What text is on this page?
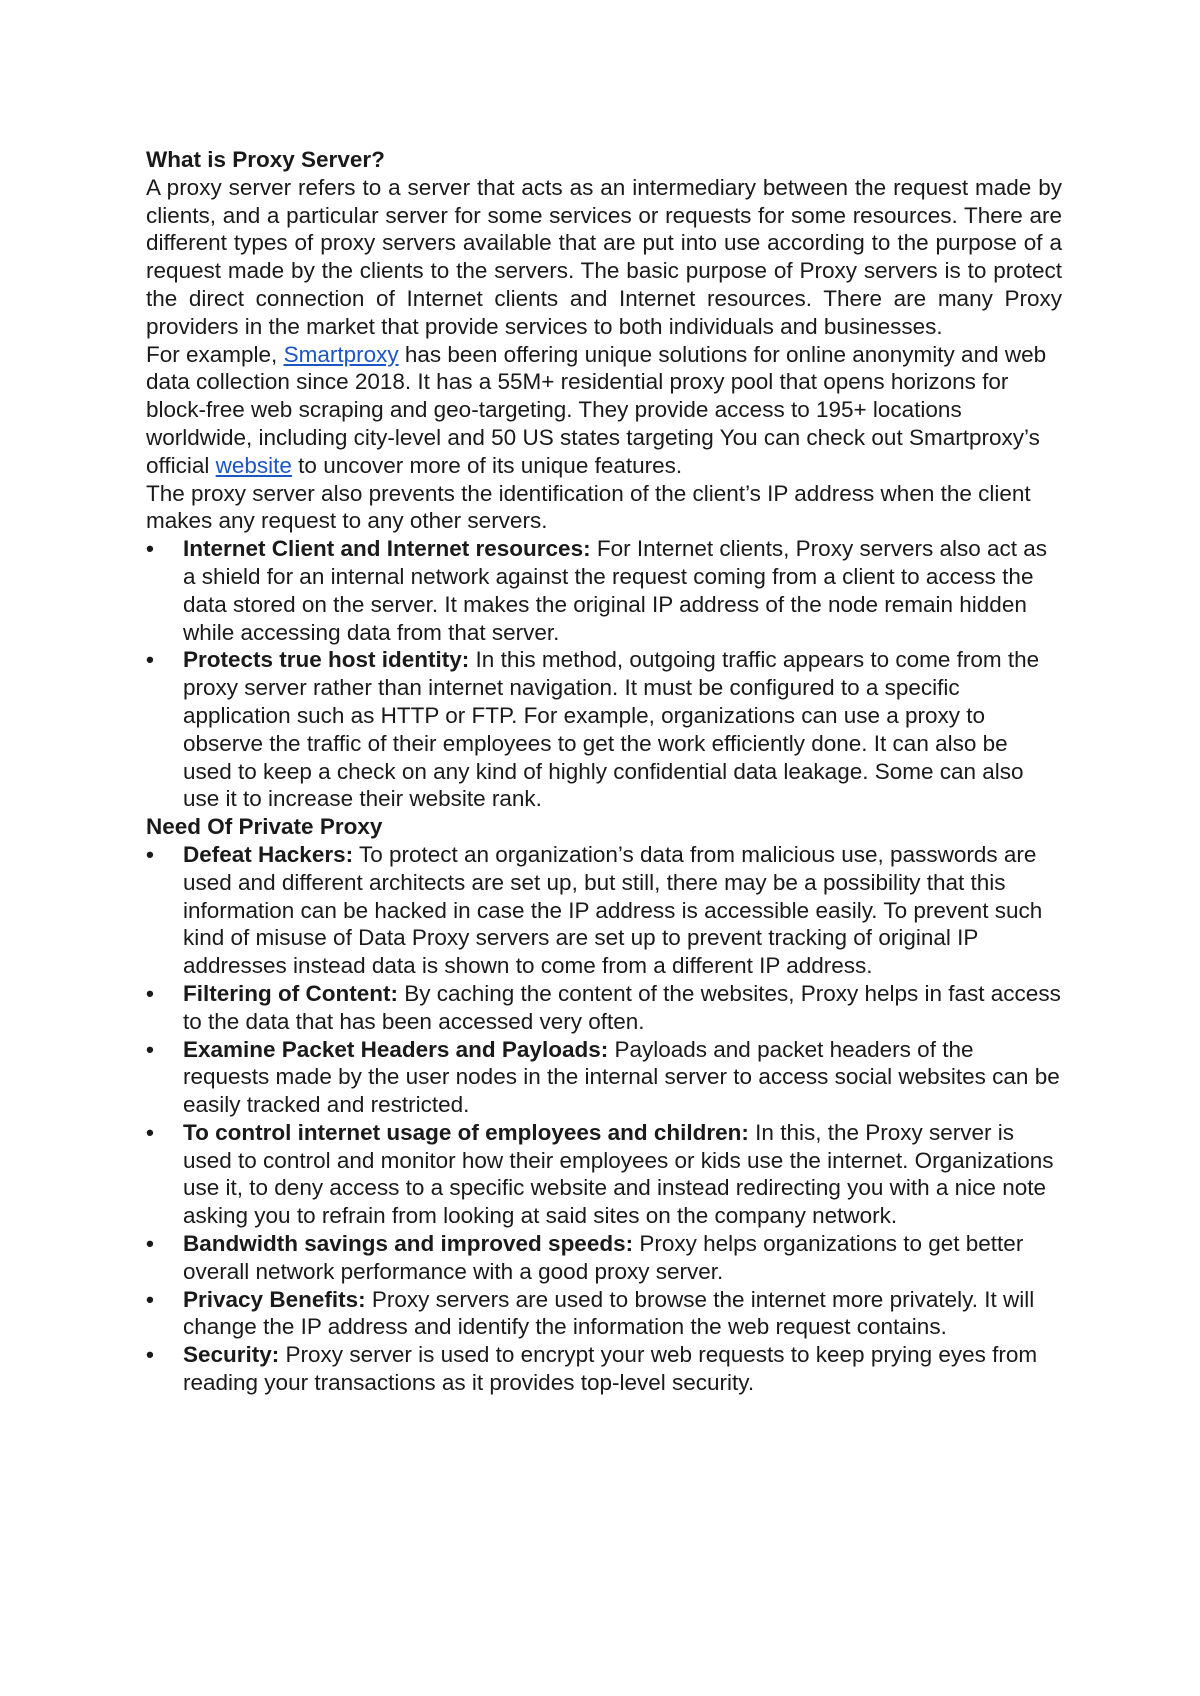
What is Proxy Server?

A proxy server refers to a server that acts as an intermediary between the request made by clients, and a particular server for some services or requests for some resources. There are different types of proxy servers available that are put into use according to the purpose of a request made by the clients to the servers. The basic purpose of Proxy servers is to protect the direct connection of Internet clients and Internet resources. There are many Proxy providers in the market that provide services to both individuals and businesses.

For example, Smartproxy has been offering unique solutions for online anonymity and web data collection since 2018. It has a 55M+ residential proxy pool that opens horizons for block-free web scraping and geo-targeting. They provide access to 195+ locations worldwide, including city-level and 50 US states targeting You can check out Smartproxy’s official website to uncover more of its unique features.

The proxy server also prevents the identification of the client’s IP address when the client makes any request to any other servers.

•	Internet Client and Internet resources: For Internet clients, Proxy servers also act as a shield for an internal network against the request coming from a client to access the data stored on the server. It makes the original IP address of the node remain hidden while accessing data from that server.
•	Protects true host identity: In this method, outgoing traffic appears to come from the proxy server rather than internet navigation. It must be configured to a specific application such as HTTP or FTP. For example, organizations can use a proxy to observe the traffic of their employees to get the work efficiently done. It can also be used to keep a check on any kind of highly confidential data leakage. Some can also use it to increase their website rank.

Need Of Private Proxy

•	Defeat Hackers: To protect an organization’s data from malicious use, passwords are used and different architects are set up, but still, there may be a possibility that this information can be hacked in case the IP address is accessible easily. To prevent such kind of misuse of Data Proxy servers are set up to prevent tracking of original IP addresses instead data is shown to come from a different IP address.
•	Filtering of Content: By caching the content of the websites, Proxy helps in fast access to the data that has been accessed very often.
•	Examine Packet Headers and Payloads: Payloads and packet headers of the requests made by the user nodes in the internal server to access social websites can be easily tracked and restricted.
•	To control internet usage of employees and children: In this, the Proxy server is used to control and monitor how their employees or kids use the internet. Organizations use it, to deny access to a specific website and instead redirecting you with a nice note asking you to refrain from looking at said sites on the company network.
•	Bandwidth savings and improved speeds: Proxy helps organizations to get better overall network performance with a good proxy server.
•	Privacy Benefits: Proxy servers are used to browse the internet more privately. It will change the IP address and identify the information the web request contains.
•	Security: Proxy server is used to encrypt your web requests to keep prying eyes from reading your transactions as it provides top-level security.
